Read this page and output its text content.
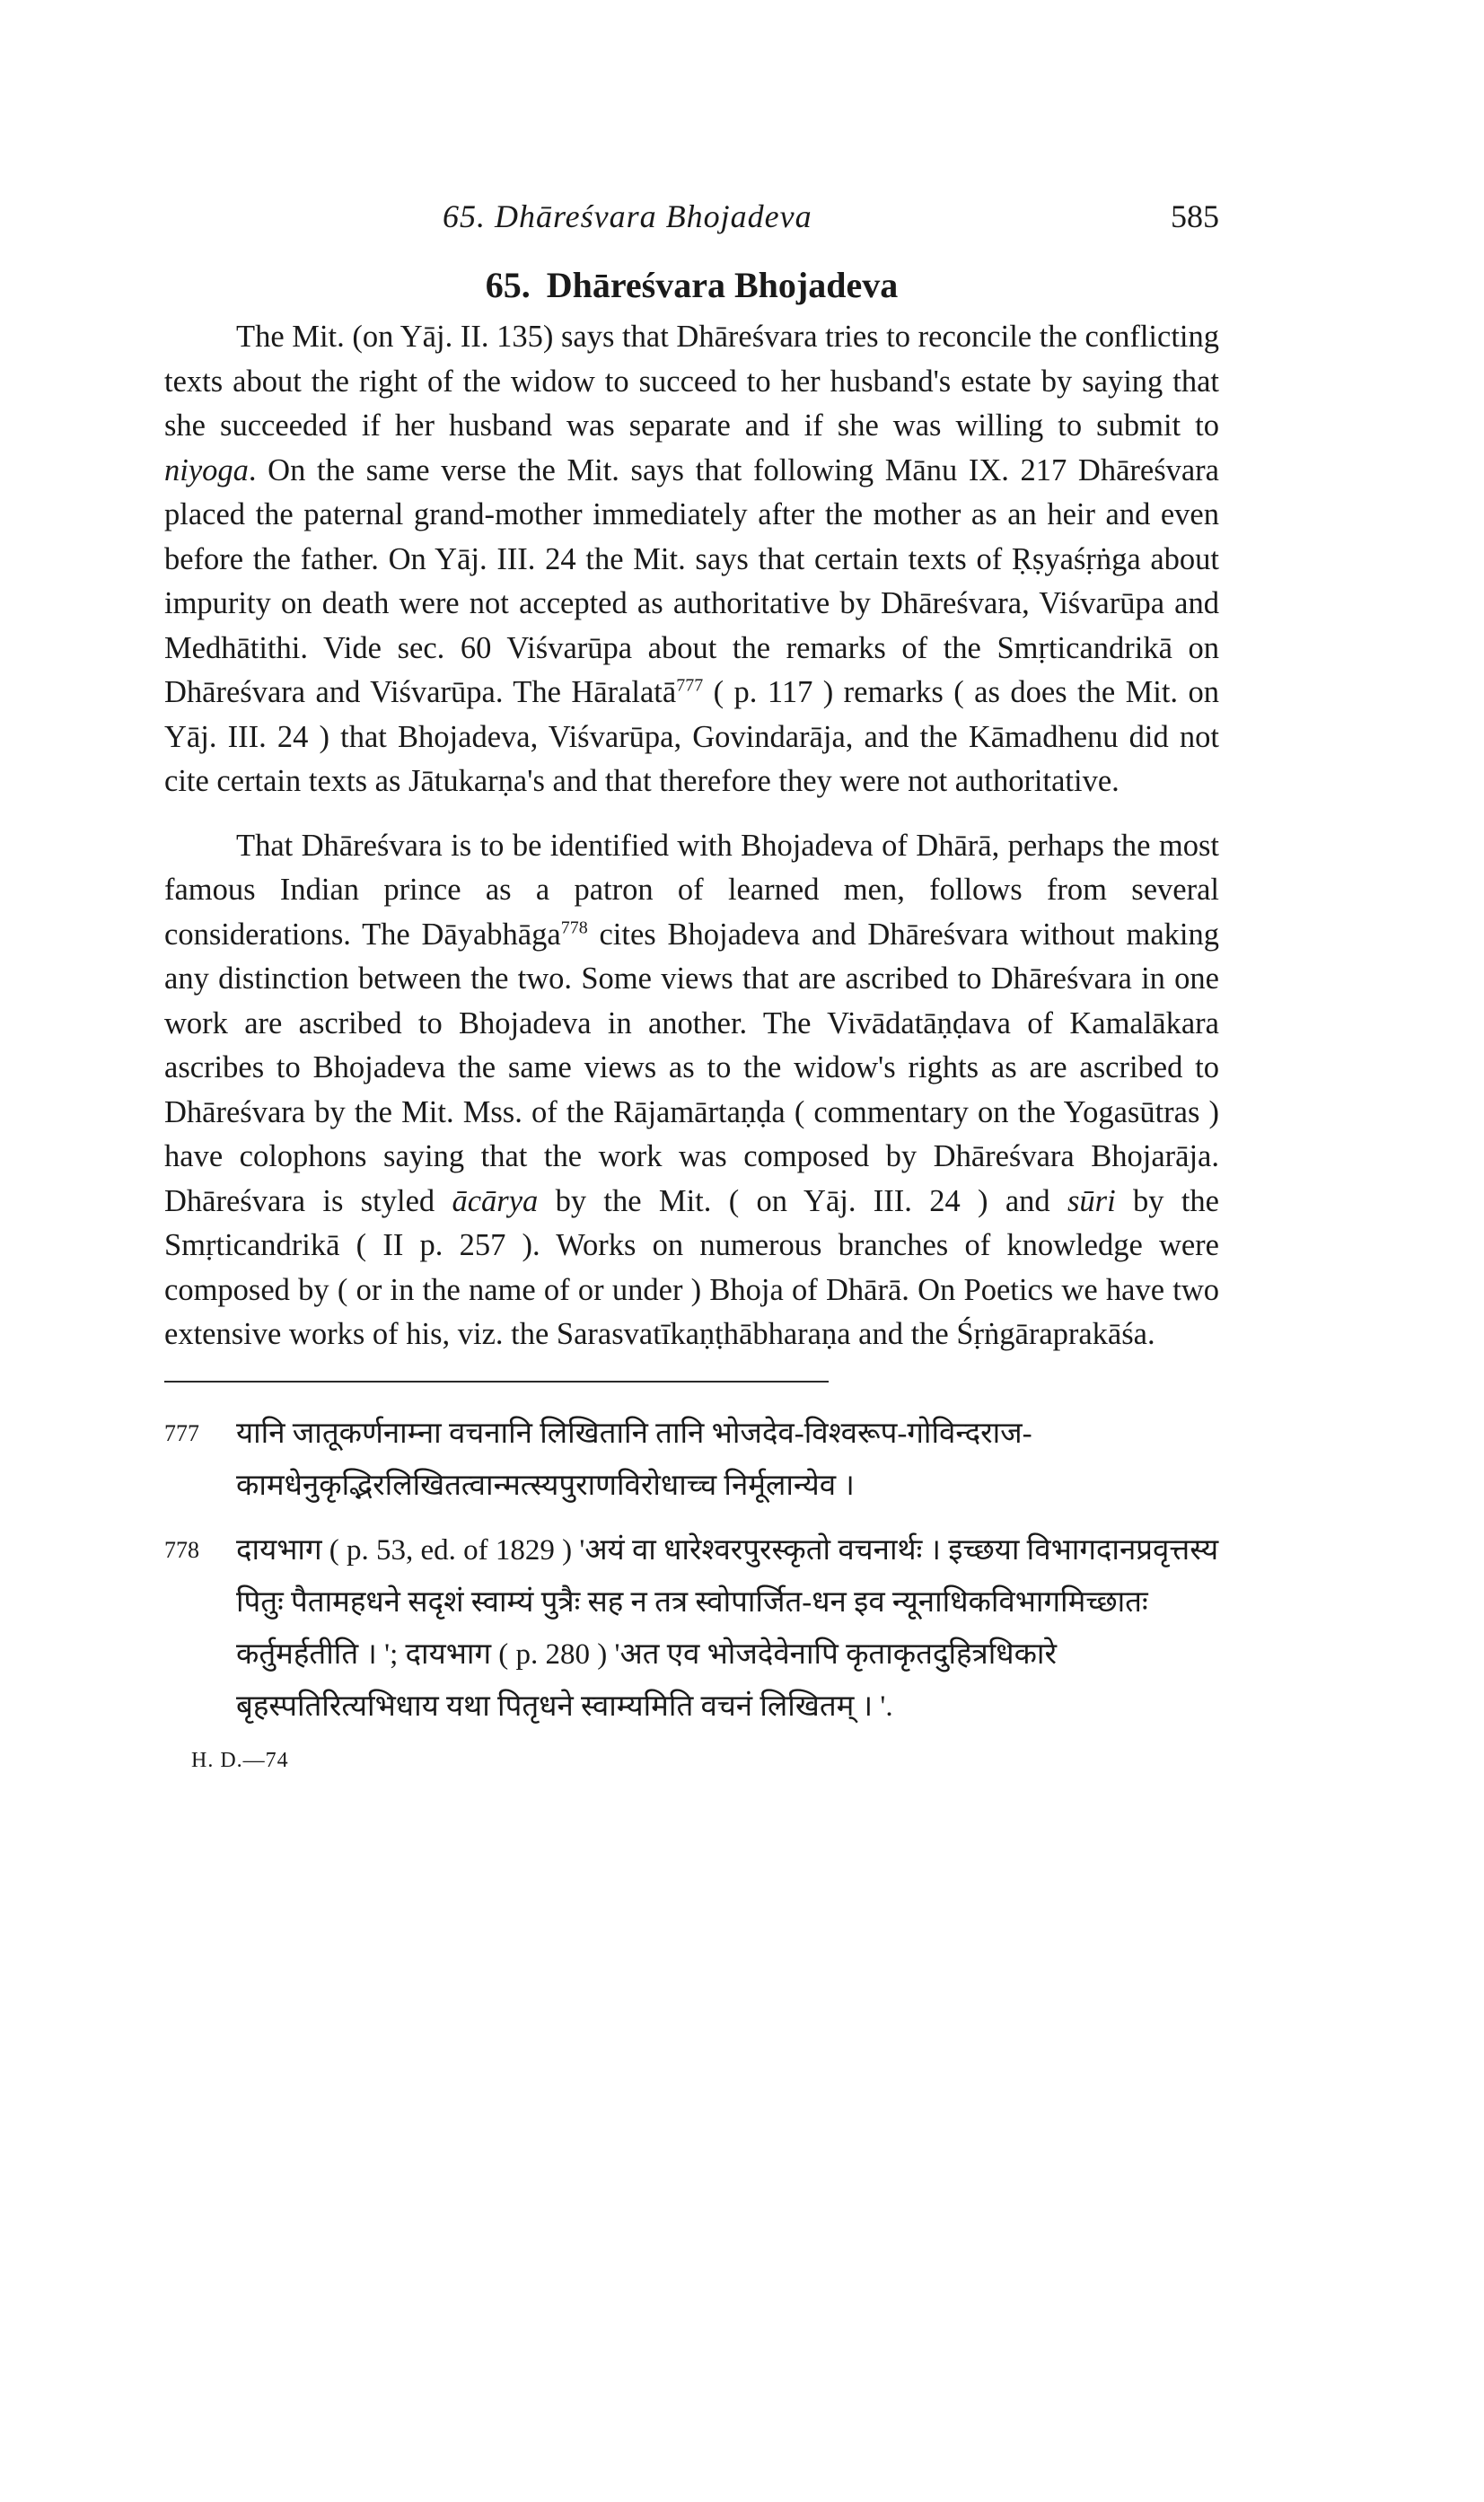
65. Dhāreśvara Bhojadeva	585
65. Dhāreśvara Bhojadeva

The Mit. (on Yāj. II. 135) says that Dhāreśvara tries to reconcile the conflicting texts about the right of the widow to succeed to her husband's estate by saying that she succeeded if her husband was separate and if she was willing to submit to niyoga. On the same verse the Mit. says that following Mānu IX. 217 Dhāreśvara placed the paternal grand-mother immediately after the mother as an heir and even before the father. On Yāj. III. 24 the Mit. says that certain texts of Ṛṣyaśṛṅga about impurity on death were not accepted as authoritative by Dhāreśvara, Viśvarūpa and Medhātithi. Vide sec. 60 Viśvarūpa about the remarks of the Smṛticandrikā on Dhāreśvara and Viśvarūpa. The Hāralatā$^{777}$ ( p. 117 ) remarks ( as does the Mit. on Yāj. III. 24 ) that Bhojadeva, Viśvarūpa, Govindarāja, and the Kāmadhenu did not cite certain texts as Jātukarṇa's and that therefore they were not authoritative.

That Dhāreśvara is to be identified with Bhojadeva of Dhārā, perhaps the most famous Indian prince as a patron of learned men, follows from several considerations. The Dāyabhāga$^{778}$ cites Bhojadeva and Dhāreśvara without making any distinction between the two. Some views that are ascribed to Dhāreśvara in one work are ascribed to Bhojadeva in another. The Vivādatāṇḍava of Kamalākara ascribes to Bhojadeva the same views as to the widow's rights as are ascribed to Dhāreśvara by the Mit. Mss. of the Rājamārtaṇḍa ( commentary on the Yogasūtras ) have colophons saying that the work was composed by Dhāreśvara Bhojarāja. Dhāreśvara is styled ācārya by the Mit. ( on Yāj. III. 24 ) and sūri by the Smṛticandrikā ( II p. 257 ). Works on numerous branches of knowledge were composed by ( or in the name of or under ) Bhoja of Dhārā. On Poetics we have two extensive works of his, viz. the Sarasvatīkaṇṭhābharaṇa and the Śṛṅgāraprakāśa.

777	यानि जातूकर्णनाम्ना वचनानि लिखितानि तानि भोजदेव-विश्वरूप-गोविन्दराज-कामधेनुकृद्भिरलिखितत्वान्मत्स्यपुराणविरोधाच्च निर्मूलान्येव ।
778	दायभाग ( p. 53, ed. of 1829 ) 'अयं वा धारेश्वरपुरस्कृतो वचनार्थः । इच्छया विभागदानप्रवृत्तस्य पितुः पैतामहधने सदृशं स्वाम्यं पुत्रैः सह न तत्र स्वोपार्जित-धन इव न्यूनाधिकविभागमिच्छातः कर्तुमर्हतीति । '; दायभाग ( p. 280 ) 'अत एव भोजदेवेनापि कृताकृतदुहित्रधिकारे बृहस्पतिरित्यभिधाय यथा पितृधने स्वाम्यमिति वचनं लिखितम् । '.
H. D.—74
